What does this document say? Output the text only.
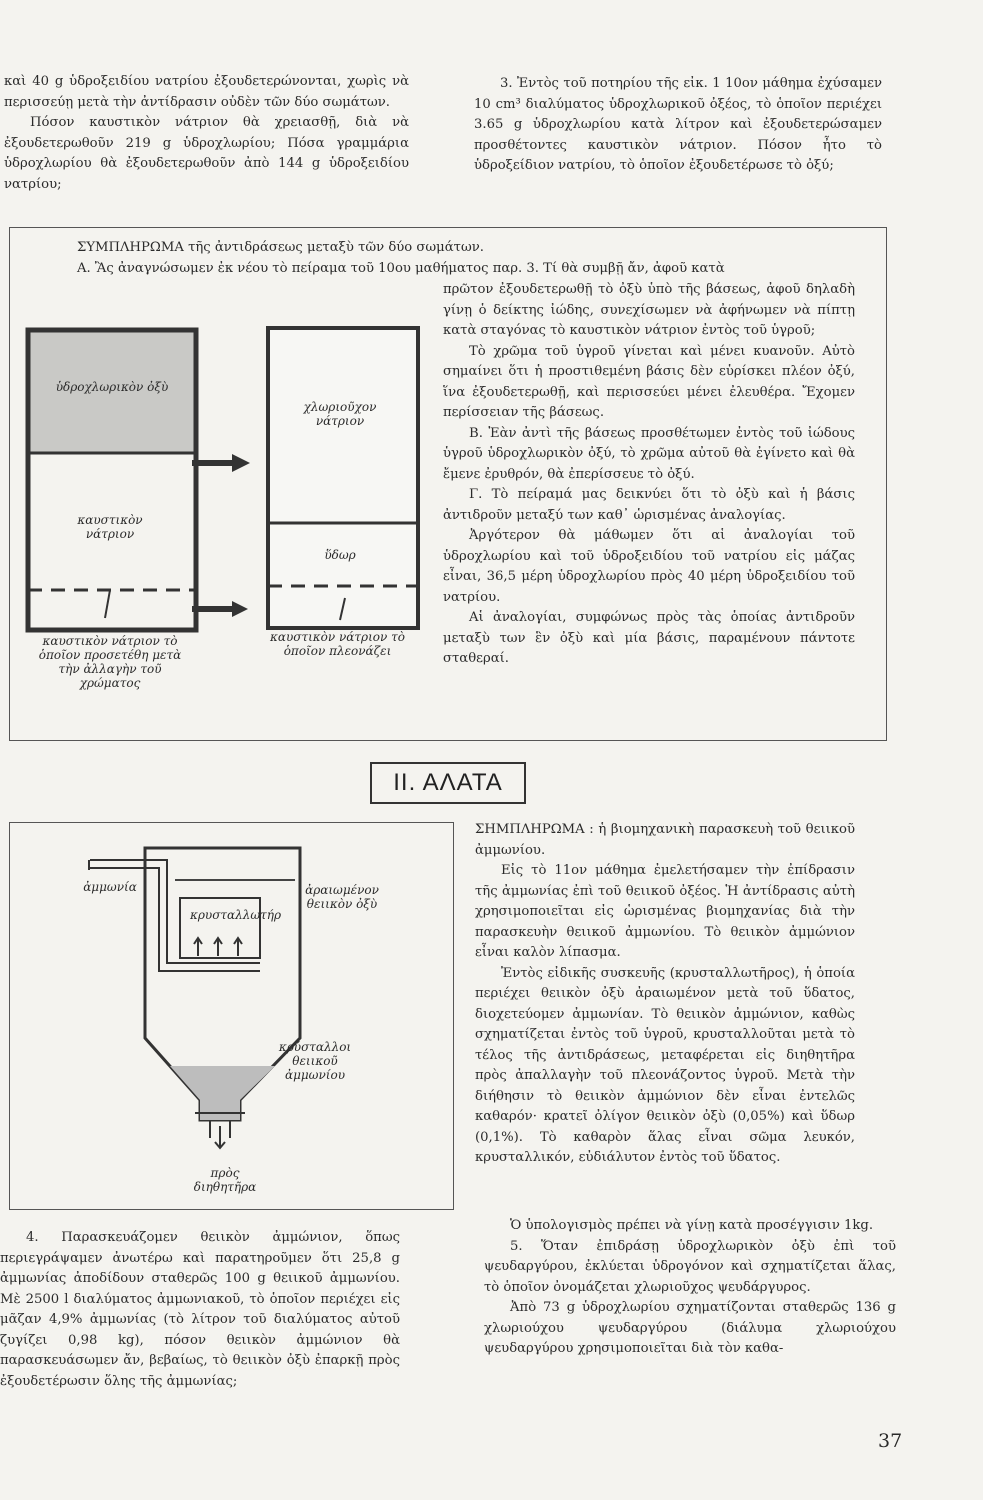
καὶ 40 g ὑδροξειδίου νατρίου ἐξουδετερώνονται, χωρὶς νὰ περισσεύῃ μετὰ τὴν ἀντίδρασιν οὐδὲν τῶν δύο σωμάτων.

Πόσον καυστικὸν νάτριον θὰ χρειασθῇ, διὰ νὰ ἐξουδετερωθοῦν 219 g ὑδροχλωρίου; Πόσα γραμμάρια ὑδροχλωρίου θὰ ἐξουδετερωθοῦν ἀπὸ 144 g ὑδροξειδίου νατρίου;

3. Ἐντὸς τοῦ ποτηρίου τῆς εἰκ. 1 10ον μάθημα ἐχύσαμεν 10 cm³ διαλύματος ὑδροχλωρικοῦ ὀξέος, τὸ ὁποῖον περιέχει 3.65 g ὑδροχλωρίου κατὰ λίτρον καὶ ἐξουδετερώσαμεν προσθέτοντες καυστικὸν νάτριον. Πόσον ἦτο τὸ ὑδροξείδιον νατρίου, τὸ ὁποῖον ἐξουδετέρωσε τὸ ὀξύ;

ΣΥΜΠΛΗΡΩΜΑ τῆς ἀντιδράσεως μεταξὺ τῶν δύο σωμάτων.

Α. Ἂς ἀναγνώσωμεν ἐκ νέου τὸ πείραμα τοῦ 10ου μαθήματος παρ. 3. Τί θὰ συμβῇ ἄν, ἀφοῦ κατὰ

πρῶτον ἐξουδετερωθῇ τὸ ὀξὺ ὑπὸ τῆς βάσεως, ἀφοῦ δηλαδὴ γίνῃ ὁ δείκτης ἰώδης, συνεχίσωμεν νὰ ἀφήνωμεν νὰ πίπτῃ κατὰ σταγόνας τὸ καυστικὸν νάτριον ἐντὸς τοῦ ὑγροῦ;

Τὸ χρῶμα τοῦ ὑγροῦ γίνεται καὶ μένει κυανοῦν. Αὐτὸ σημαίνει ὅτι ἡ προστιθεμένη βάσις δὲν εὑρίσκει πλέον ὀξύ, ἵνα ἐξουδετερωθῇ, καὶ περισσεύει μένει ἐλευθέρα. Ἔχομεν περίσσειαν τῆς βάσεως.

Β. Ἐὰν ἀντὶ τῆς βάσεως προσθέτωμεν ἐντὸς τοῦ ἰώδους ὑγροῦ ὑδροχλωρικὸν ὀξύ, τὸ χρῶμα αὐτοῦ θὰ ἐγίνετο καὶ θὰ ἔμενε ἐρυθρόν, θὰ ἐπερίσσευε τὸ ὀξύ.

Γ. Τὸ πείραμά μας δεικνύει ὅτι τὸ ὀξὺ καὶ ἡ βάσις ἀντιδροῦν μεταξύ των καθ᾽ ὡρισμένας ἀναλογίας.

Ἀργότερον θὰ μάθωμεν ὅτι αἱ ἀναλογίαι τοῦ ὑδροχλωρίου καὶ τοῦ ὑδροξειδίου τοῦ νατρίου εἰς μάζας εἶναι, 36,5 μέρη ὑδροχλωρίου πρὸς 40 μέρη ὑδροξειδίου τοῦ νατρίου.

Αἱ ἀναλογίαι, συμφώνως πρὸς τὰς ὁποίας ἀντιδροῦν μεταξὺ των ἓν ὀξὺ καὶ μία βάσις, παραμένουν πάντοτε σταθεραί.

ὑδροχλωρικὸν ὀξὺ
καυστικὸν νάτριον
χλωριοῦχον νάτριον
ὕδωρ
καυστικὸν νάτριον τὸ ὁποῖον προσετέθη μετὰ τὴν ἀλλαγὴν τοῦ χρώματος
καυστικὸν νάτριον τὸ ὁποῖον πλεονάζει
ΙΙ. ΑΛΑΤΑ
ἀμμωνία	ἀραιωμένον θειικὸν ὀξὺ
κρυσταλλωτήρ
κρύσταλλοι θειικοῦ ἀμμωνίου
πρὸς διηθητῆρα

ΣΗΜΠΛΗΡΩΜΑ : ἡ βιομηχανικὴ παρασκευὴ τοῦ θειικοῦ ἀμμωνίου.

Εἰς τὸ 11ον μάθημα ἐμελετήσαμεν τὴν ἐπίδρασιν τῆς ἀμμωνίας ἐπὶ τοῦ θειικοῦ ὀξέος. Ἡ ἀντίδρασις αὐτὴ χρησιμοποιεῖται εἰς ὡρισμένας βιομηχανίας διὰ τὴν παρασκευὴν θειικοῦ ἀμμωνίου. Τὸ θειικὸν ἀμμώνιον εἶναι καλὸν λίπασμα.

Ἐντὸς εἰδικῆς συσκευῆς (κρυσταλλωτῆρος), ἡ ὁποία περιέχει θειικὸν ὀξὺ ἀραιωμένον μετὰ τοῦ ὕδατος, διοχετεύομεν ἀμμωνίαν. Τὸ θειικὸν ἀμμώνιον, καθὼς σχηματίζεται ἐντὸς τοῦ ὑγροῦ, κρυσταλλοῦται μετὰ τὸ τέλος τῆς ἀντιδράσεως, μεταφέρεται εἰς διηθητῆρα πρὸς ἀπαλλαγὴν τοῦ πλεονάζοντος ὑγροῦ. Μετὰ τὴν διήθησιν τὸ θειικὸν ἀμμώνιον δὲν εἶναι ἐντελῶς καθαρόν· κρατεῖ ὀλίγον θειικὸν ὀξὺ (0,05%) καὶ ὕδωρ (0,1%). Τὸ καθαρὸν ἅλας εἶναι σῶμα λευκόν, κρυσταλλικόν, εὐδιάλυτον ἐντὸς τοῦ ὕδατος.

4. Παρασκευάζομεν θειικὸν ἀμμώνιον, ὅπως περιεγράψαμεν ἀνωτέρω καὶ παρατηροῦμεν ὅτι 25,8 g ἀμμωνίας ἀποδίδουν σταθερῶς 100 g θειικοῦ ἀμμωνίου. Μὲ 2500 l διαλύματος ἀμμωνιακοῦ, τὸ ὁποῖον περιέχει εἰς μᾶζαν 4,9% ἀμμωνίας (τὸ λίτρον τοῦ διαλύματος αὐτοῦ ζυγίζει 0,98 kg), πόσον θειικὸν ἀμμώνιον θὰ παρασκευάσωμεν ἄν, βεβαίως, τὸ θειικὸν ὀξὺ ἐπαρκῇ πρὸς ἐξουδετέρωσιν ὅλης τῆς ἀμμωνίας;

Ὁ ὑπολογισμὸς πρέπει νὰ γίνῃ κατὰ προσέγγισιν 1kg.

5. Ὅταν ἐπιδράσῃ ὑδροχλωρικὸν ὀξὺ ἐπὶ τοῦ ψευδαργύρου, ἐκλύεται ὑδρογόνον καὶ σχηματίζεται ἅλας, τὸ ὁποῖον ὀνομάζεται χλωριοῦχος ψευδάργυρος.

Ἀπὸ 73 g ὑδροχλωρίου σχηματίζονται σταθερῶς 136 g χλωριούχου ψευδαργύρου (διάλυμα χλωριούχου ψευδαργύρου χρησιμοποιεῖται διὰ τὸν καθα-

37
